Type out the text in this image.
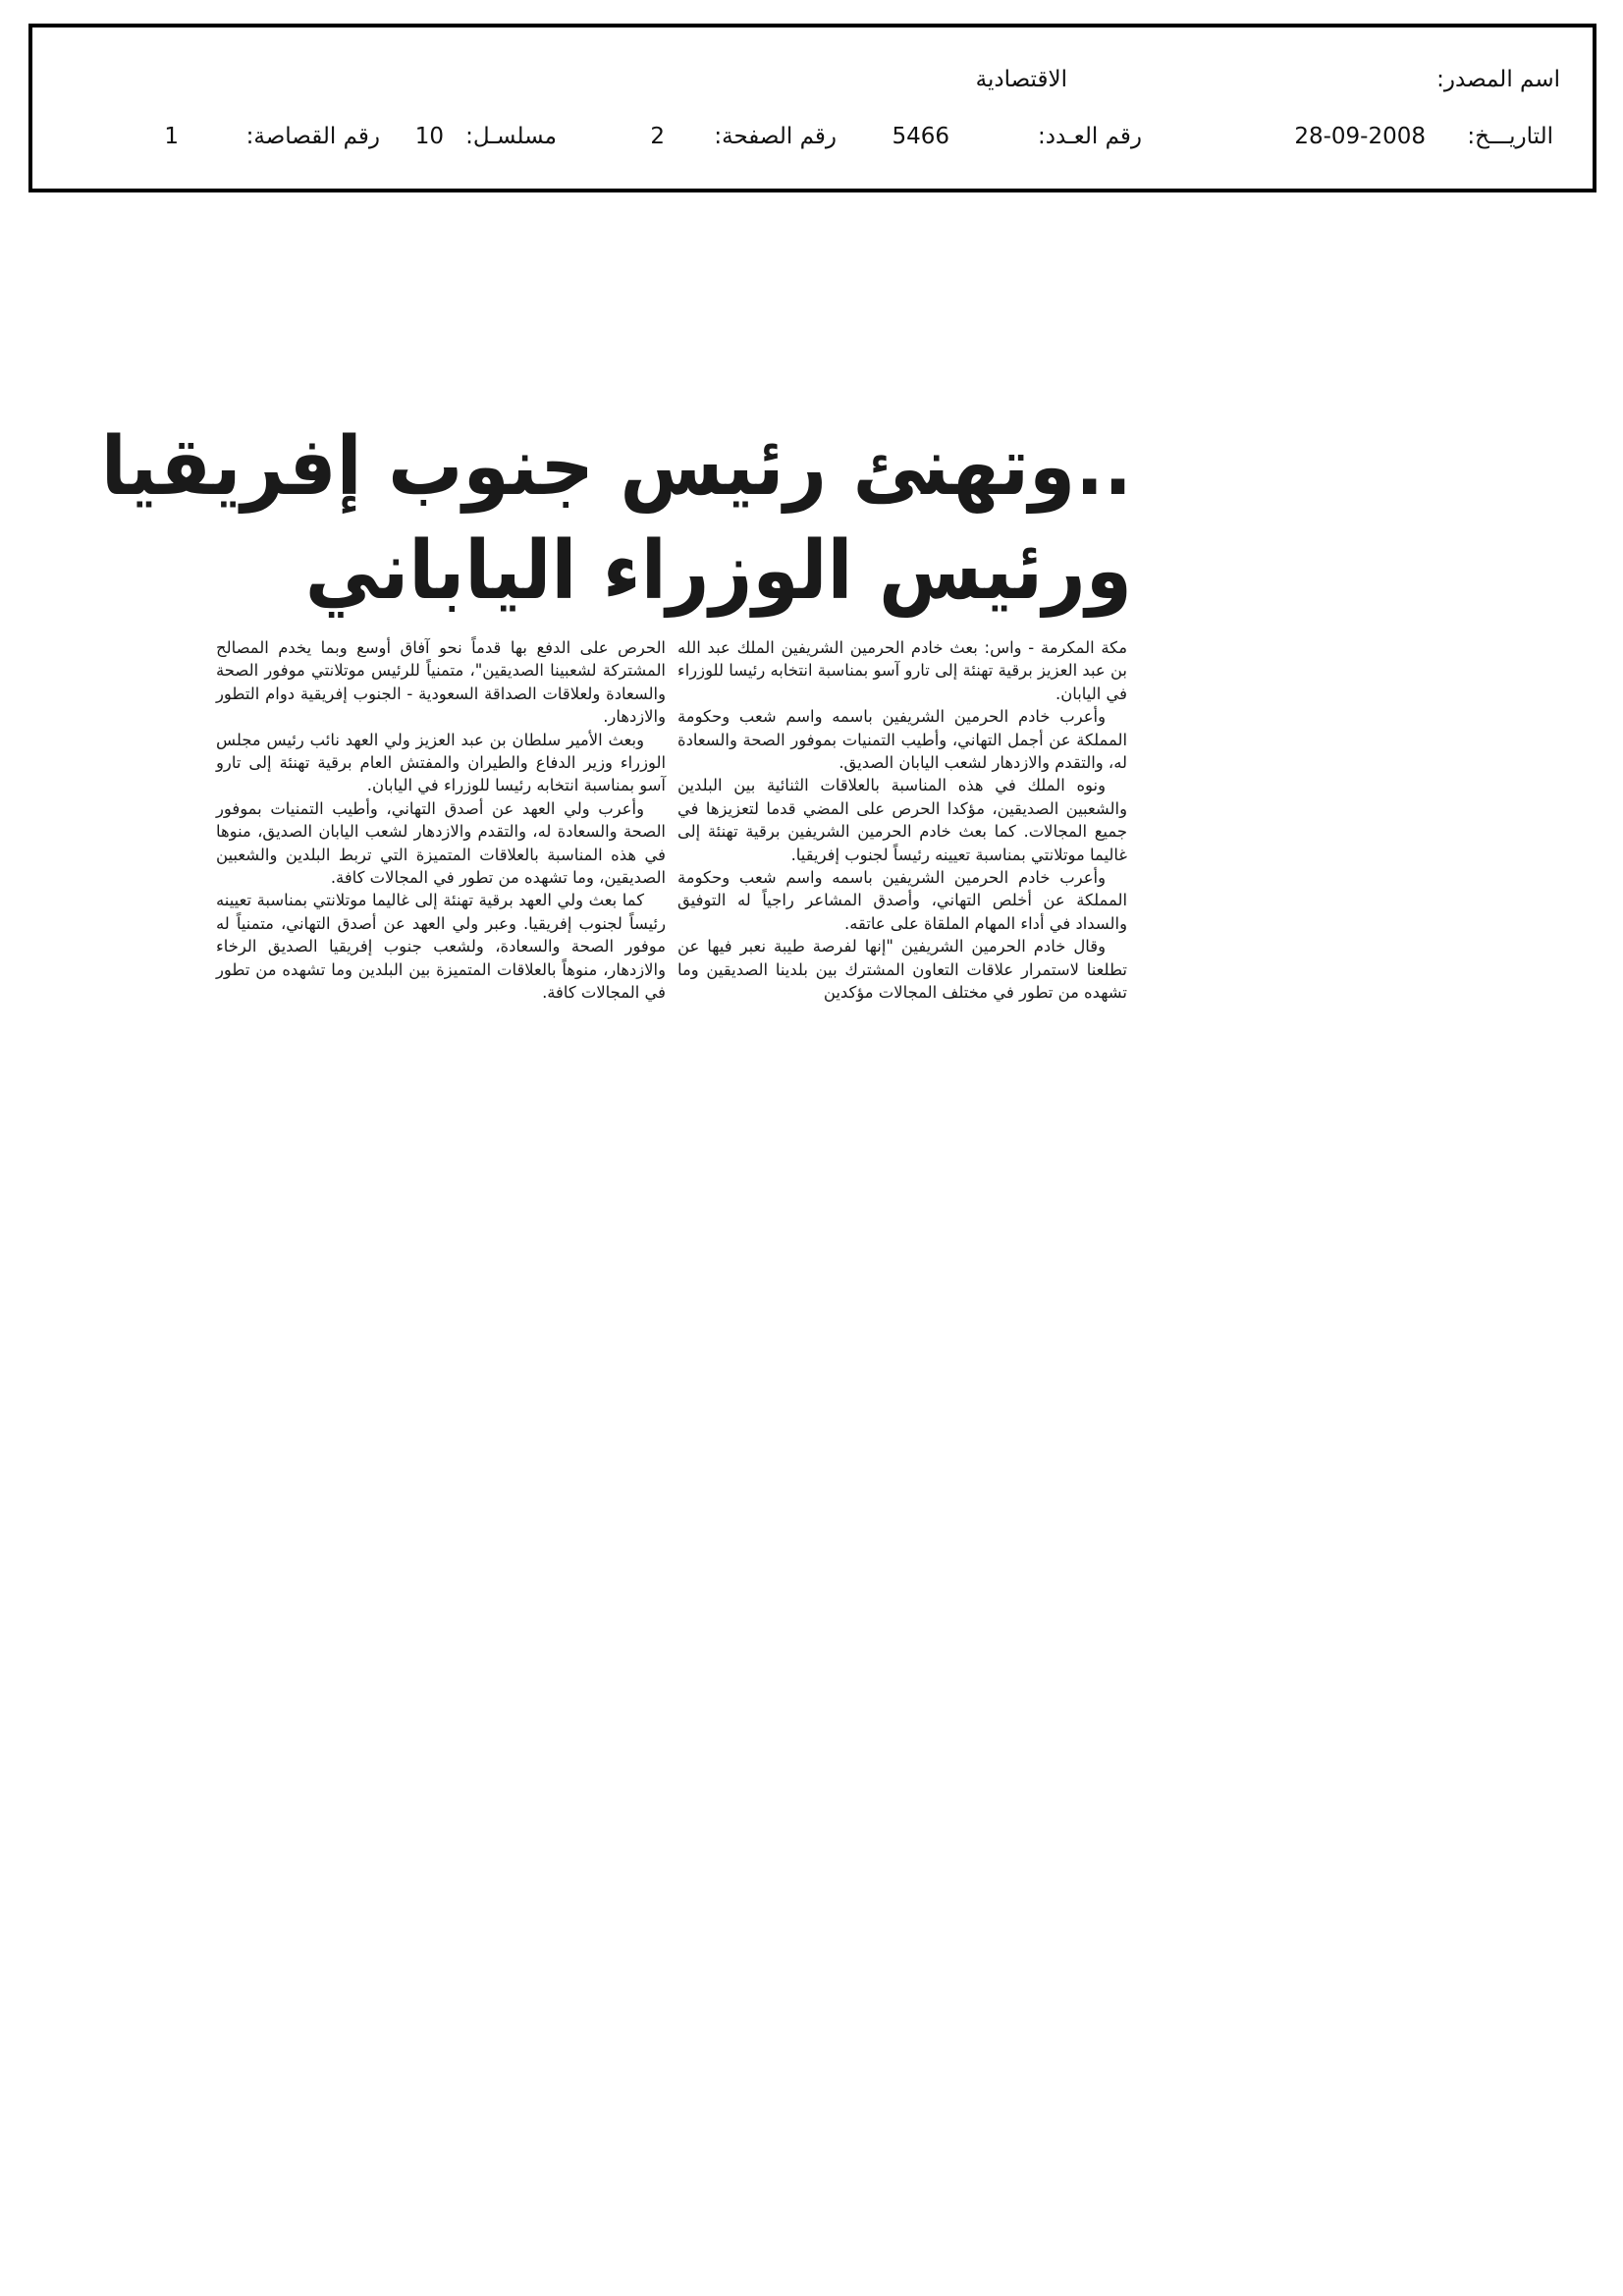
اسم المصدر:
الاقتصادية
التاريـــخ:
28-09-2008
رقم العـدد:
5466
رقم الصفحة:
2
مسلسـل:
10
رقم القصاصة:
1
..وتهنئ رئيس جنوب إفريقيا
ورئيس الوزراء الياباني

مكة المكرمة - واس: بعث خادم الحرمين الشريفين الملك عبد الله بن عبد العزيز برقية تهنئة إلى تارو آسو بمناسبة انتخابه رئيسا للوزراء في اليابان.

وأعرب خادم الحرمين الشريفين باسمه واسم شعب وحكومة المملكة عن أجمل التهاني، وأطيب التمنيات بموفور الصحة والسعادة له، والتقدم والازدهار لشعب اليابان الصديق.

ونوه الملك في هذه المناسبة بالعلاقات الثنائية بين البلدين والشعبين الصديقين، مؤكدا الحرص على المضي قدما لتعزيزها في جميع المجالات. كما بعث خادم الحرمين الشريفين برقية تهنئة إلى غاليما موتلانتي بمناسبة تعيينه رئيساً لجنوب إفريقيا.

وأعرب خادم الحرمين الشريفين باسمه واسم شعب وحكومة المملكة عن أخلص التهاني، وأصدق المشاعر راجياً له التوفيق والسداد في أداء المهام الملقاة على عاتقه.

وقال خادم الحرمين الشريفين "إنها لفرصة طيبة نعبر فيها عن تطلعنا لاستمرار علاقات التعاون المشترك بين بلدينا الصديقين وما تشهده من تطور في مختلف المجالات مؤكدين

الحرص على الدفع بها قدماً نحو آفاق أوسع وبما يخدم المصالح المشتركة لشعبينا الصديقين"، متمنياً للرئيس موتلانتي موفور الصحة والسعادة ولعلاقات الصداقة السعودية - الجنوب إفريقية دوام التطور والازدهار.

وبعث الأمير سلطان بن عبد العزيز ولي العهد نائب رئيس مجلس الوزراء وزير الدفاع والطيران والمفتش العام برقية تهنئة إلى تارو آسو بمناسبة انتخابه رئيسا للوزراء في اليابان.

وأعرب ولي العهد عن أصدق التهاني، وأطيب التمنيات بموفور الصحة والسعادة له، والتقدم والازدهار لشعب اليابان الصديق، منوها في هذه المناسبة بالعلاقات المتميزة التي تربط البلدين والشعبين الصديقين، وما تشهده من تطور في المجالات كافة.

كما بعث ولي العهد برقية تهنئة إلى غاليما موتلانتي بمناسبة تعيينه رئيساً لجنوب إفريقيا. وعبر ولي العهد عن أصدق التهاني، متمنياً له موفور الصحة والسعادة، ولشعب جنوب إفريقيا الصديق الرخاء والازدهار، منوهاً بالعلاقات المتميزة بين البلدين وما تشهده من تطور في المجالات كافة.
